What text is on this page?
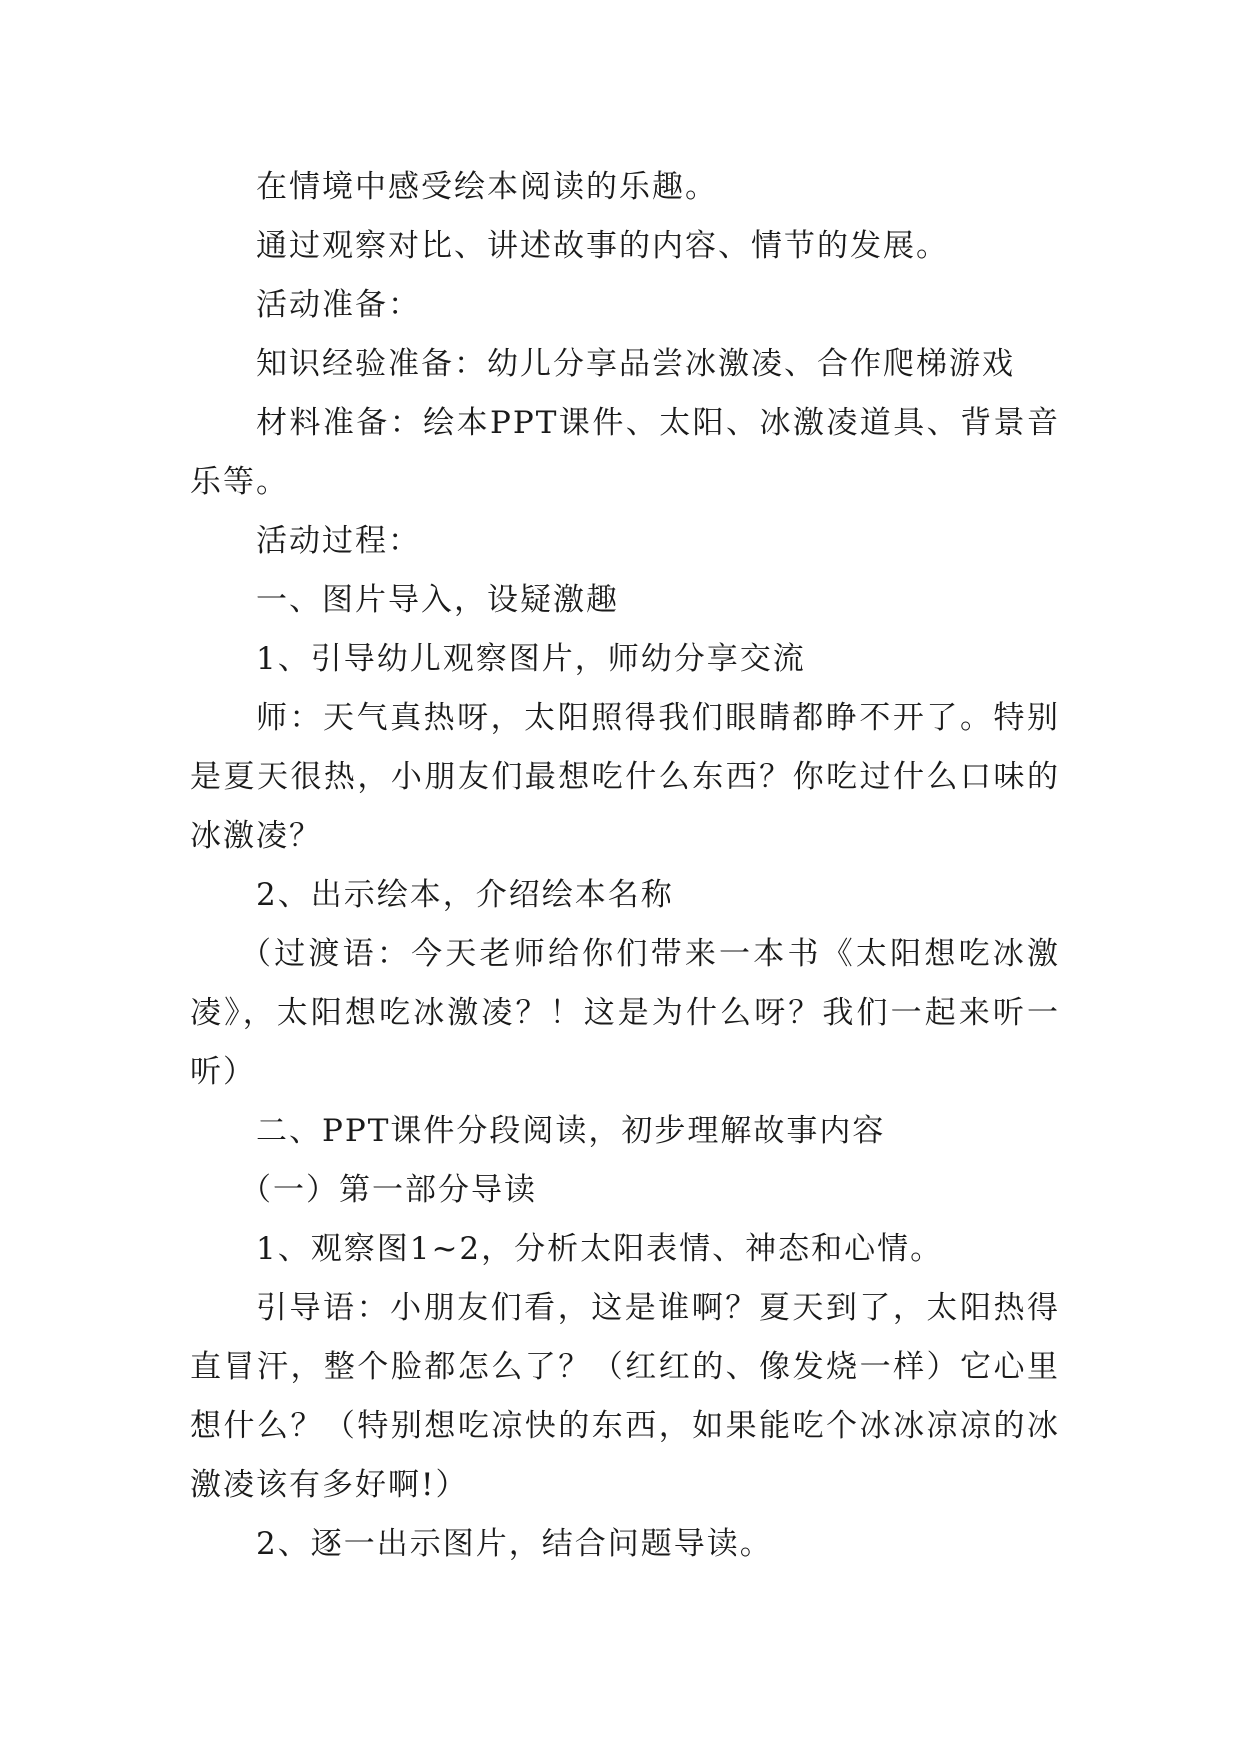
在情境中感受绘本阅读的乐趣。

通过观察对比、讲述故事的内容、情节的发展。

活动准备：

知识经验准备：幼儿分享品尝冰激凌、合作爬梯游戏

材料准备：绘本PPT课件、太阳、冰激凌道具、背景音乐等。

活动过程：

一、图片导入，设疑激趣

1、引导幼儿观察图片，师幼分享交流

师：天气真热呀，太阳照得我们眼睛都睁不开了。特别是夏天很热，小朋友们最想吃什么东西？你吃过什么口味的冰激凌？

2、出示绘本，介绍绘本名称

（过渡语：今天老师给你们带来一本书《太阳想吃冰激凌》，太阳想吃冰激凌？！这是为什么呀？我们一起来听一听）

二、PPT课件分段阅读，初步理解故事内容

（一）第一部分导读

1、观察图1~2，分析太阳表情、神态和心情。

引导语：小朋友们看，这是谁啊？夏天到了，太阳热得直冒汗，整个脸都怎么了？（红红的、像发烧一样）它心里想什么？（特别想吃凉快的东西，如果能吃个冰冰凉凉的冰激凌该有多好啊!）

2、逐一出示图片，结合问题导读。
